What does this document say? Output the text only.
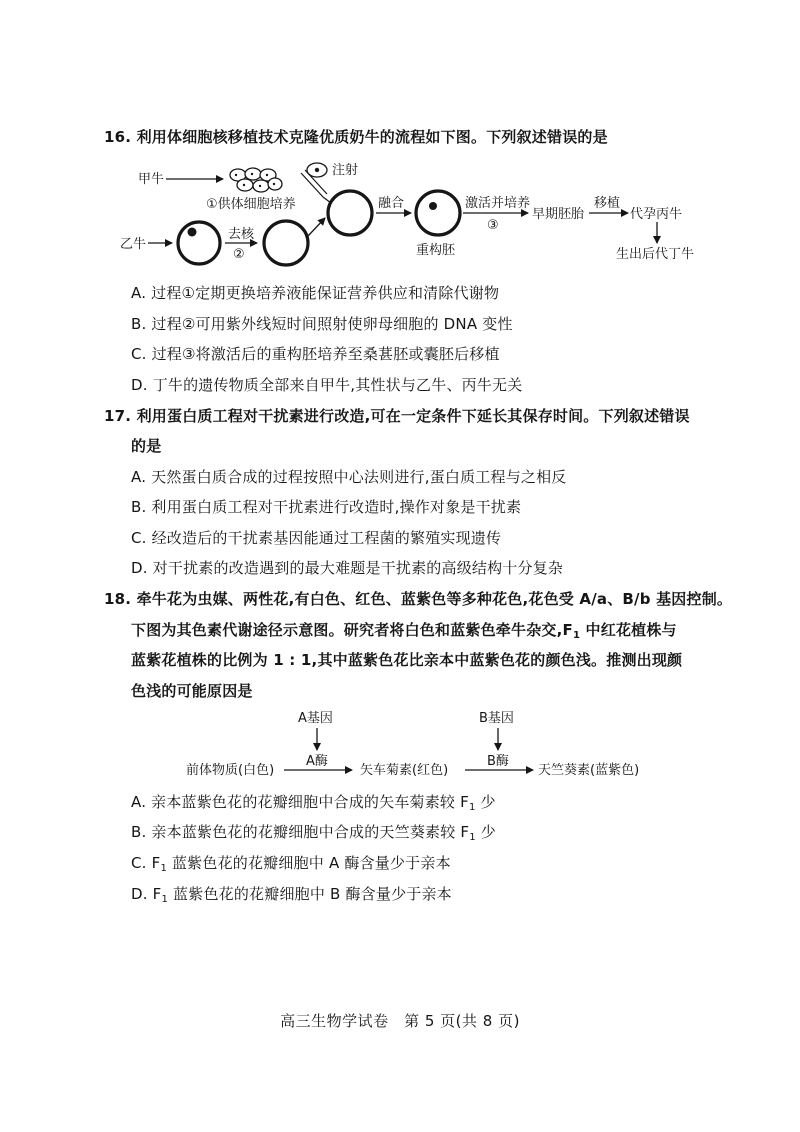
16. 利用体细胞核移植技术克隆优质奶牛的流程如下图。下列叙述错误的是
甲牛
①供体细胞培养
乙牛
去核
②
注射
融合
重构胚
激活并培养
③
早期胚胎
移植
代孕丙牛
生出后代丁牛
A. 过程①定期更换培养液能保证营养供应和清除代谢物
B. 过程②可用紫外线短时间照射使卵母细胞的 DNA 变性
C. 过程③将激活后的重构胚培养至桑葚胚或囊胚后移植
D. 丁牛的遗传物质全部来自甲牛,其性状与乙牛、丙牛无关
17. 利用蛋白质工程对干扰素进行改造,可在一定条件下延长其保存时间。下列叙述错误
的是
A. 天然蛋白质合成的过程按照中心法则进行,蛋白质工程与之相反
B. 利用蛋白质工程对干扰素进行改造时,操作对象是干扰素
C. 经改造后的干扰素基因能通过工程菌的繁殖实现遗传
D. 对干扰素的改造遇到的最大难题是干扰素的高级结构十分复杂
18. 牵牛花为虫媒、两性花,有白色、红色、蓝紫色等多种花色,花色受 A/a、B/b 基因控制。
下图为其色素代谢途径示意图。研究者将白色和蓝紫色牵牛杂交$,F_1$ 中红花植株与
蓝紫花植株的比例为 1 : 1,其中蓝紫色花比亲本中蓝紫色花的颜色浅。推测出现颜
色浅的可能原因是
A基因	B基因
前体物质(白色)
A酶
矢车菊素(红色)
B酶
天竺葵素(蓝紫色)
A. 亲本蓝紫色花的花瓣细胞中合成的矢车菊素较 $F_1$ 少
B. 亲本蓝紫色花的花瓣细胞中合成的天竺葵素较 $F_1$ 少
C. $F_1$ 蓝紫色花的花瓣细胞中 A 酶含量少于亲本
D. $F_1$ 蓝紫色花的花瓣细胞中 B 酶含量少于亲本
高三生物学试卷　第 5 页(共 8 页)
